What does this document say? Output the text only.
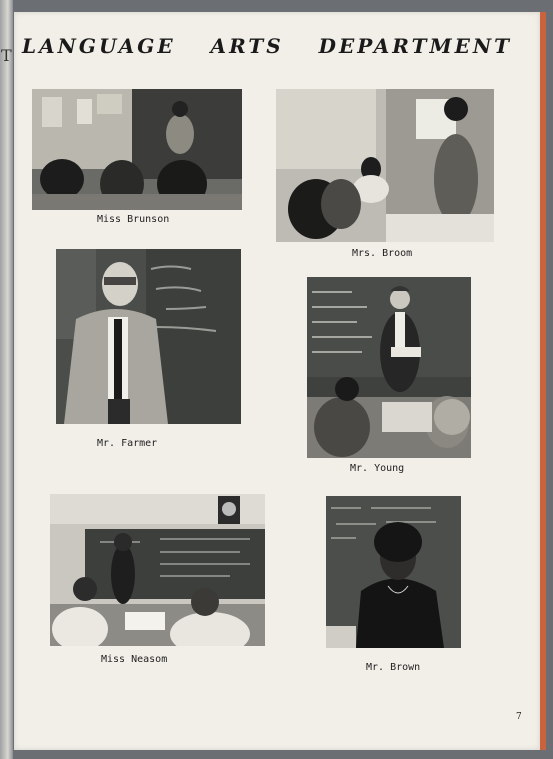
T LANGUAGE ARTS DEPARTMENT
Miss Brunson
Mrs. Broom
Mr. Farmer
Mr. Young
Miss Neasom
Mr. Brown
7
